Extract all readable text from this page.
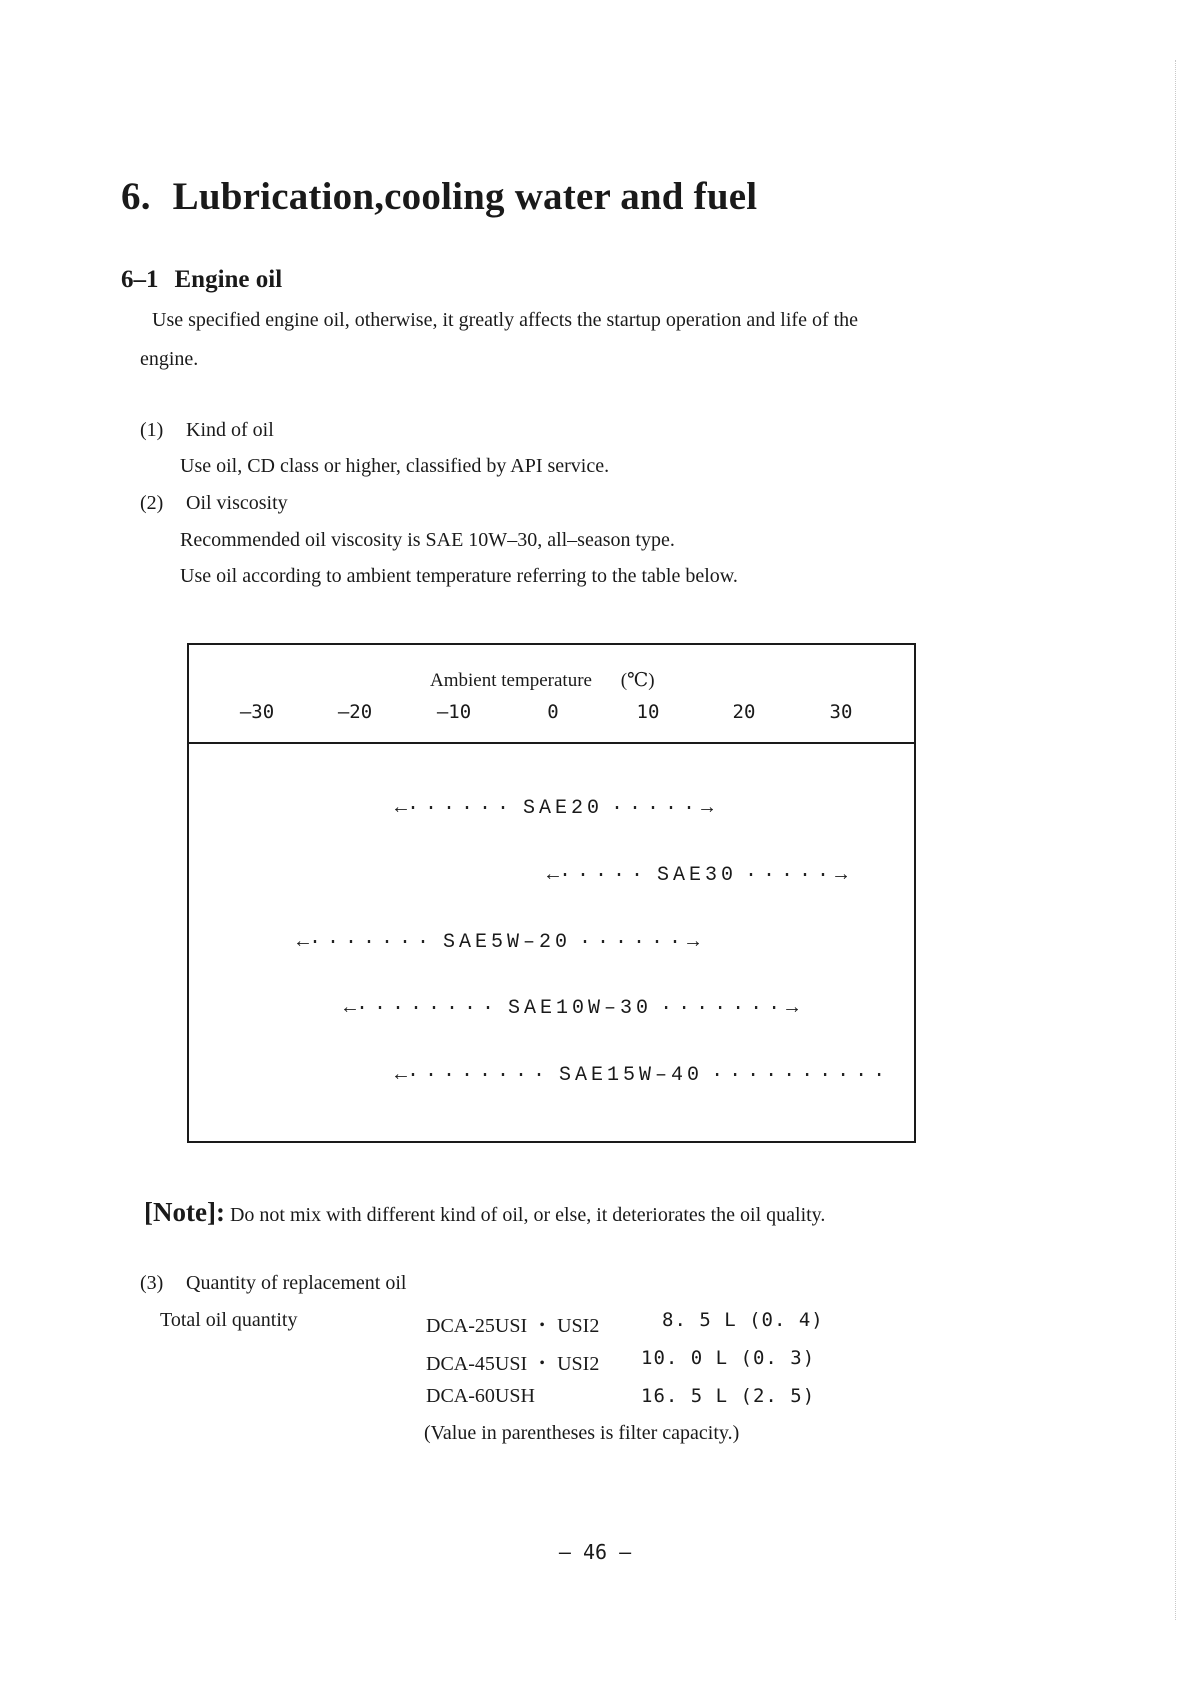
6. Lubrication,cooling water and fuel
6–1 Engine oil
Use specified engine oil, otherwise, it greatly affects the startup operation and life of the
engine.
(1) Kind of oil
Use oil, CD class or higher, classified by API service.
(2) Oil viscosity
Recommended oil viscosity is SAE 10W–30, all–season type.
Use oil according to ambient temperature referring to the table below.
Ambient temperature (℃)
–30	–20	–10	0	10	20	30
← ······ SAE20 ····· →
← ····· SAE30 ····· →
← ······· SAE5W–20 ······ →
← ········ SAE10W–30 ······· →
← ········ SAE15W–40 ··········
[Note]: Do not mix with different kind of oil, or else, it deteriorates the oil quality.
(3) Quantity of replacement oil
Total oil quantity	DCA-25USI ・ USI2	8. 5 L (0. 4)
DCA-45USI ・ USI2 10. 0 L (0. 3)
DCA-60USH	16. 5 L (2. 5)
(Value in parentheses is filter capacity.)
– 46 –
